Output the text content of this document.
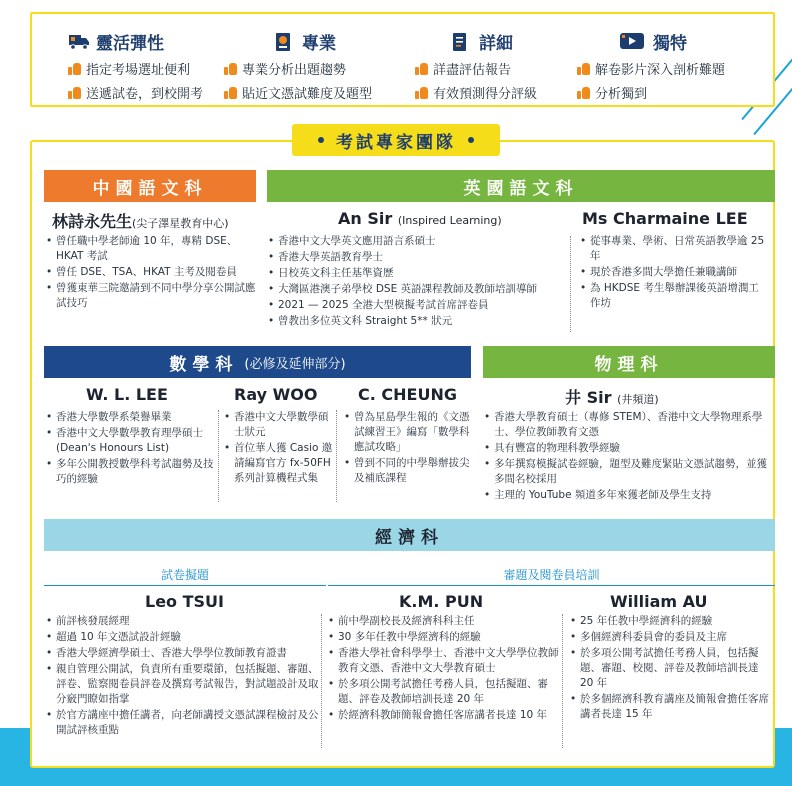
靈活彈性
指定考場選址便利
送遞試卷，到校開考
專業
專業分析出題趨勢
貼近文憑試難度及題型
詳細
詳盡評估報告
有效預測得分評級
獨特
解卷影片深入剖析難題
分析獨到
考試專家團隊
中國語文科
林詩永先生(尖子澤星教育中心)
• 曾任職中學老師逾 10 年，專精 DSE、HKAT 考試
• 曾任 DSE、TSA、HKAT 主考及閱卷員
• 曾獲東華三院邀請到不同中學分享公開試應試技巧
英國語文科
An Sir (Inspired Learning)
• 香港中文大學英文應用語言系碩士
• 香港大學英語教育學士
• 日校英文科主任基準資歷
• 大灣區港澳子弟學校 DSE 英語課程教師及教師培訓導師
• 2021 — 2025 全港大型模擬考試首席評卷員
• 曾教出多位英文科 Straight 5** 狀元
Ms Charmaine LEE
• 從事專業、學術、日常英語教學逾 25 年
• 現於香港多間大學擔任兼職講師
• 為 HKDSE 考生舉辦課後英語增潤工作坊
數學科 (必修及延伸部分)
W. L. LEE
• 香港大學數學系榮譽畢業
• 香港中文大學數學教育理學碩士 (Dean's Honours List)
• 多年公開教授數學科考試趨勢及技巧的經驗
Ray WOO
• 香港中文大學數學碩士狀元
• 首位華人獲 Casio 邀請編寫官方 fx-50FH 系列計算機程式集
C. CHEUNG
• 曾為星島學生報的《文憑試練習王》編寫「數學科應試攻略」
• 曾到不同的中學舉辦拔尖及補底課程
物理科
井 Sir (井頻道)
• 香港大學教育碩士（專修 STEM）、香港中文大學物理系學士、學位教師教育文憑
• 具有豐富的物理科教學經驗
• 多年撰寫模擬試卷經驗，題型及難度緊貼文憑試趨勢，並獲多間名校採用
• 主理的 YouTube 頻道多年來獲老師及學生支持
經濟科
試卷擬題	審題及閱卷員培訓
Leo TSUI
• 前評核發展經理
• 超過 10 年文憑試設計經驗
• 香港大學經濟學碩士、香港大學學位教師教育證書
• 親自管理公開試，負責所有重要環節，包括擬題、審題、評卷、監察閱卷員評卷及撰寫考試報告，對試題設計及取分竅門瞭如指掌
• 於官方講座中擔任講者，向老師講授文憑試課程檢討及公開試評核重點
K.M. PUN
• 前中學副校長及經濟科科主任
• 30 多年任教中學經濟科的經驗
• 香港大學社會科學學士、香港中文大學學位教師教育文憑、香港中文大學教育碩士
• 於多項公開考試擔任考務人員，包括擬題、審題、評卷及教師培訓長達 20 年
• 於經濟科教師簡報會擔任客席講者長達 10 年
William AU
• 25 年任教中學經濟科的經驗
• 多個經濟科委員會的委員及主席
• 於多項公開考試擔任考務人員，包括擬題、審題、校閱、評卷及教師培訓長達 20 年
• 於多個經濟科教育講座及簡報會擔任客席講者長達 15 年
